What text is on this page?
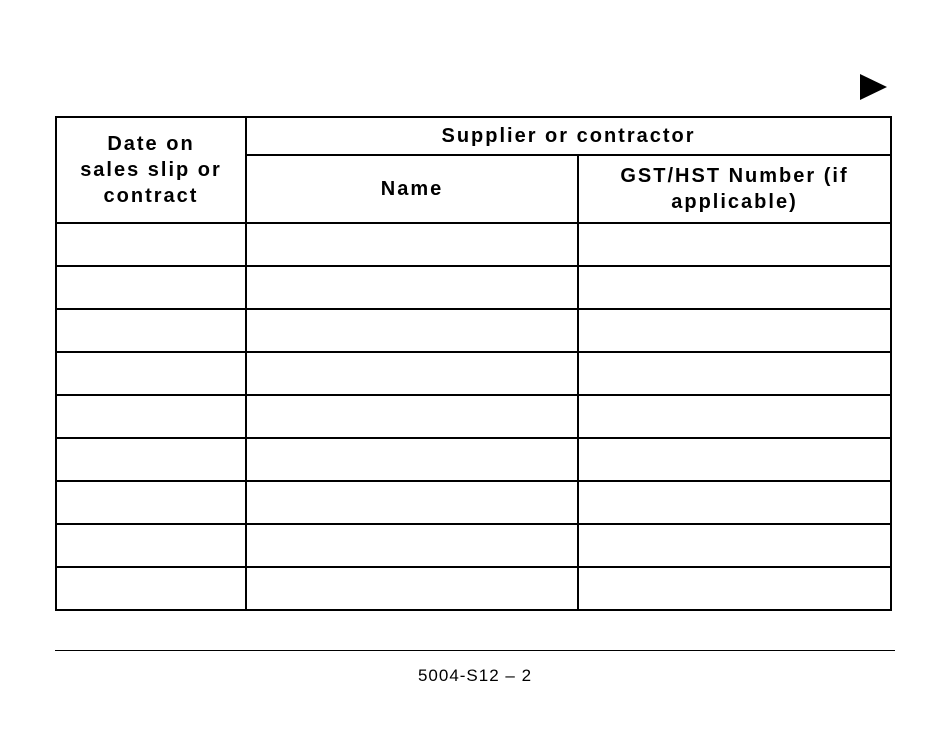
Date on sales slip or contract	Supplier or contractor	
	Name	GST/HST Number (if applicable)

5004-S12 – 2
